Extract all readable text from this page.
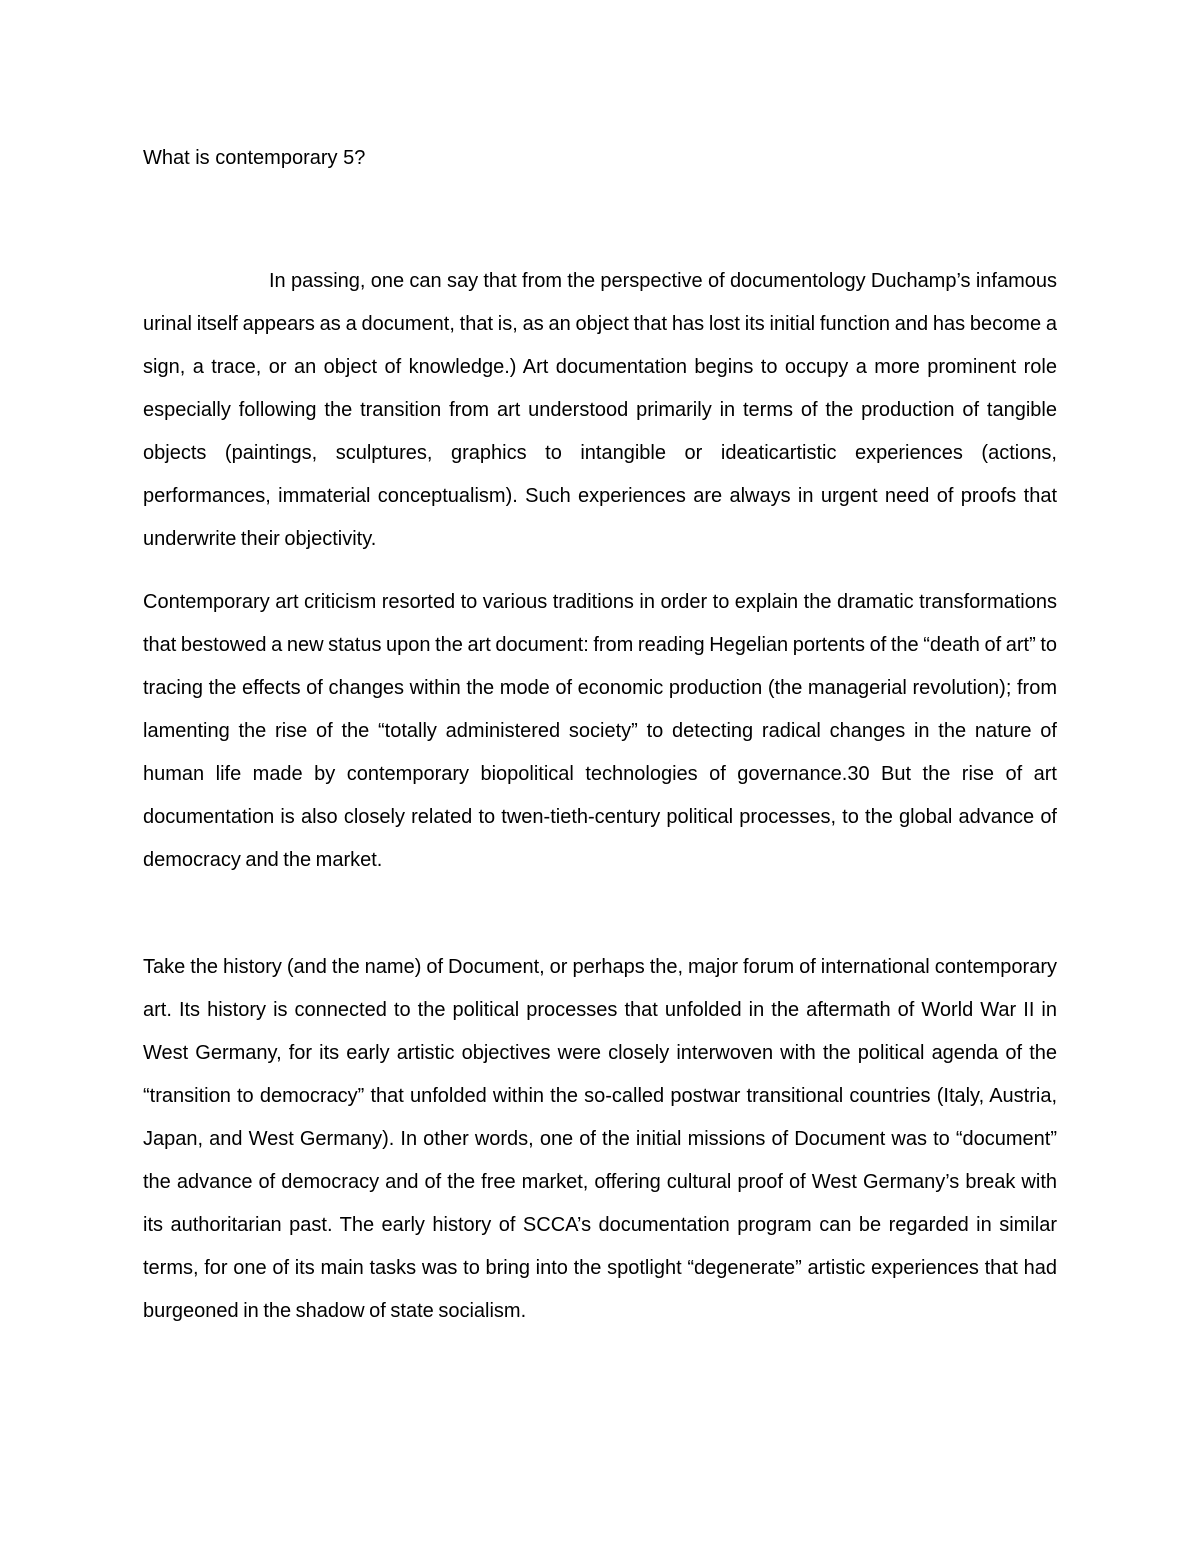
What is contemporary 5?

In passing, one can say that from the perspective of documentology Duchamp’s infamous urinal itself appears as a document, that is, as an object that has lost its initial function and has become a sign, a trace, or an object of knowledge.) Art documentation begins to occupy a more prominent role especially following the transition from art understood primarily in terms of the production of tangible objects (paintings, sculptures, graphics to intangible or ideaticartistic experiences (actions, performances, immaterial conceptualism). Such experiences are always in urgent need of proofs that underwrite their objectivity.

Contemporary art criticism resorted to various traditions in order to explain the dramatic transformations that bestowed a new status upon the art document: from reading Hegelian portents of the “death of art” to tracing the effects of changes within the mode of economic production (the managerial revolution); from lamenting the rise of the “totally administered society” to detecting radical changes in the nature of human life made by contemporary biopolitical technologies of governance.30 But the rise of art documentation is also closely related to twen-tieth-century political processes, to the global advance of democracy and the market.

Take the history (and the name) of Document, or perhaps the, major forum of international contemporary art. Its history is connected to the political processes that unfolded in the aftermath of World War II in West Germany, for its early artistic objectives were closely interwoven with the political agenda of the “transition to democracy” that unfolded within the so-called postwar transitional countries (Italy, Austria, Japan, and West Germany). In other words, one of the initial missions of Document was to “document” the advance of democracy and of the free market, offering cultural proof of West Germany’s break with its authoritarian past. The early history of SCCA’s documentation program can be regarded in similar terms, for one of its main tasks was to bring into the spotlight “degenerate” artistic experiences that had burgeoned in the shadow of state socialism.
